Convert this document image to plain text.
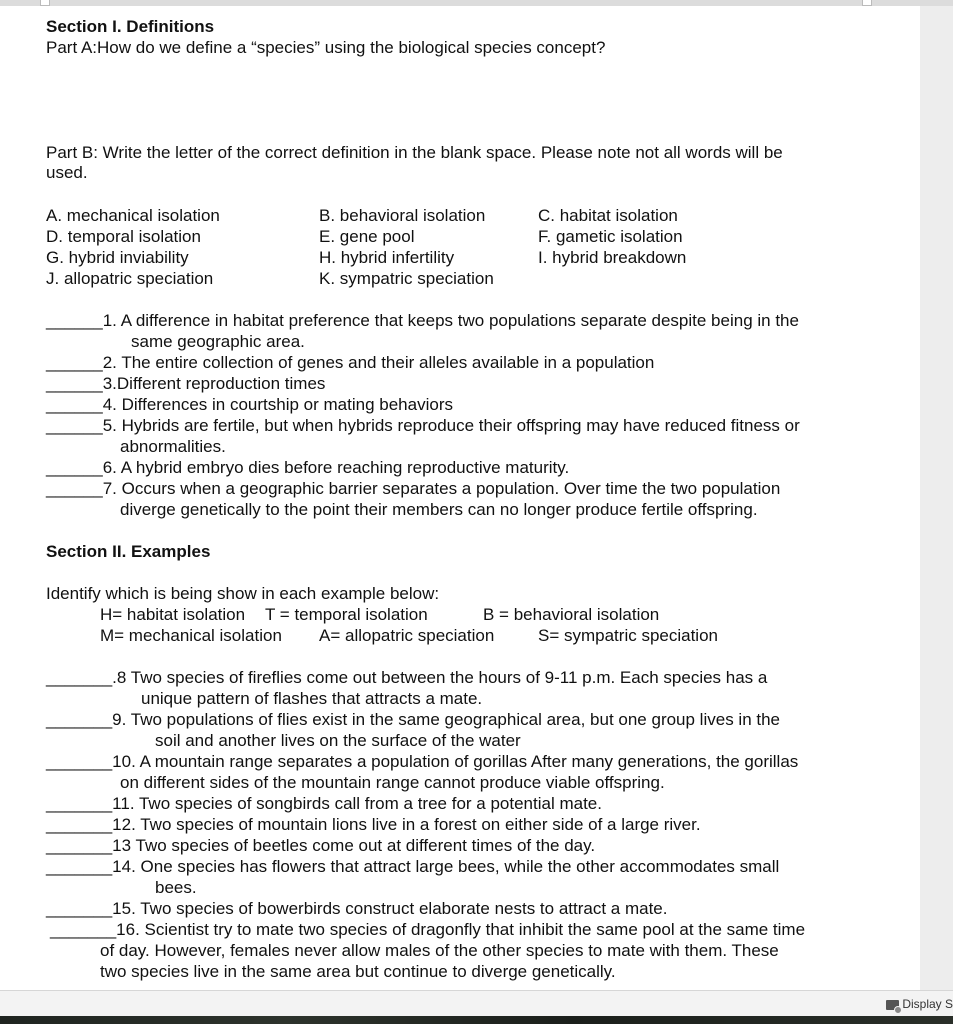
Section I. Definitions
Part A:How do we define a “species” using the biological species concept?
Part B: Write the letter of the correct definition in the blank space. Please note not all words will be
used.
A. mechanical isolation	B. behavioral isolation	C. habitat isolation
D. temporal isolation	E. gene pool	F. gametic isolation
G. hybrid inviability	H. hybrid infertility	I. hybrid breakdown
J. allopatric speciation	K. sympatric speciation
______1. A difference in habitat preference that keeps two populations separate despite being in the
same geographic area.
______2. The entire collection of genes and their alleles available in a population
______3.Different reproduction times
______4. Differences in courtship or mating behaviors
______5. Hybrids are fertile, but when hybrids reproduce their offspring may have reduced fitness or
abnormalities.
______6. A hybrid embryo dies before reaching reproductive maturity.
______7. Occurs when a geographic barrier separates a population. Over time the two population
diverge genetically to the point their members can no longer produce fertile offspring.
Section II. Examples
Identify which is being show in each example below:
H= habitat isolation T = temporal isolation	B = behavioral isolation
M= mechanical isolation A= allopatric speciation	S= sympatric speciation
_______.8 Two species of fireflies come out between the hours of 9-11 p.m. Each species has a
unique pattern of flashes that attracts a mate.
_______9. Two populations of flies exist in the same geographical area, but one group lives in the
soil and another lives on the surface of the water
_______10. A mountain range separates a population of gorillas After many generations, the gorillas
on different sides of the mountain range cannot produce viable offspring.
_______11. Two species of songbirds call from a tree for a potential mate.
_______12. Two species of mountain lions live in a forest on either side of a large river.
_______13 Two species of beetles come out at different times of the day.
_______14. One species has flowers that attract large bees, while the other accommodates small
bees.
_______15. Two species of bowerbirds construct elaborate nests to attract a mate.
_______16. Scientist try to mate two species of dragonfly that inhibit the same pool at the same time
of day. However, females never allow males of the other species to mate with them. These
two species live in the same area but continue to diverge genetically.
Display S
